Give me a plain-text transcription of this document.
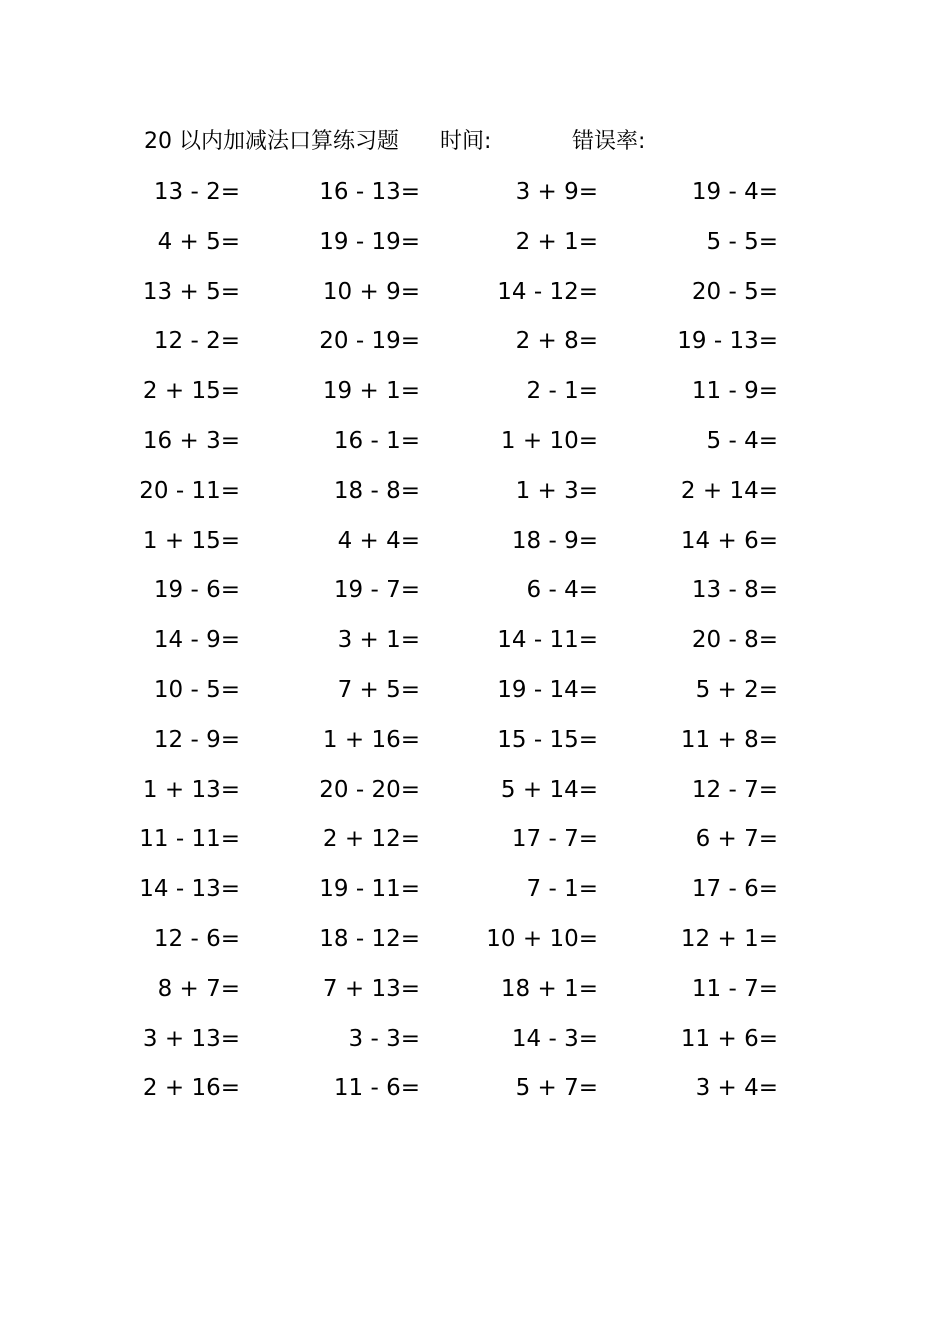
20 以内加减法口算练习题 时间:	错误率:
13 - 2=	16 - 13=	3 + 9=	19 - 4=
4 + 5=	19 - 19=	2 + 1=	5 - 5=
13 + 5=	10 + 9=	14 - 12=	20 - 5=
12 - 2=	20 - 19=	2 + 8=	19 - 13=
2 + 15=	19 + 1=	2 - 1=	11 - 9=
16 + 3=	16 - 1=	1 + 10=	5 - 4=
20 - 11=	18 - 8=	1 + 3=	2 + 14=
1 + 15=	4 + 4=	18 - 9=	14 + 6=
19 - 6=	19 - 7=	6 - 4=	13 - 8=
14 - 9=	3 + 1=	14 - 11=	20 - 8=
10 - 5=	7 + 5=	19 - 14=	5 + 2=
12 - 9=	1 + 16=	15 - 15=	11 + 8=
1 + 13=	20 - 20=	5 + 14=	12 - 7=
11 - 11=	2 + 12=	17 - 7=	6 + 7=
14 - 13=	19 - 11=	7 - 1=	17 - 6=
12 - 6=	18 - 12=	10 + 10=	12 + 1=
8 + 7=	7 + 13=	18 + 1=	11 - 7=
3 + 13=	3 - 3=	14 - 3=	11 + 6=
2 + 16=	11 - 6=	5 + 7=	3 + 4=
